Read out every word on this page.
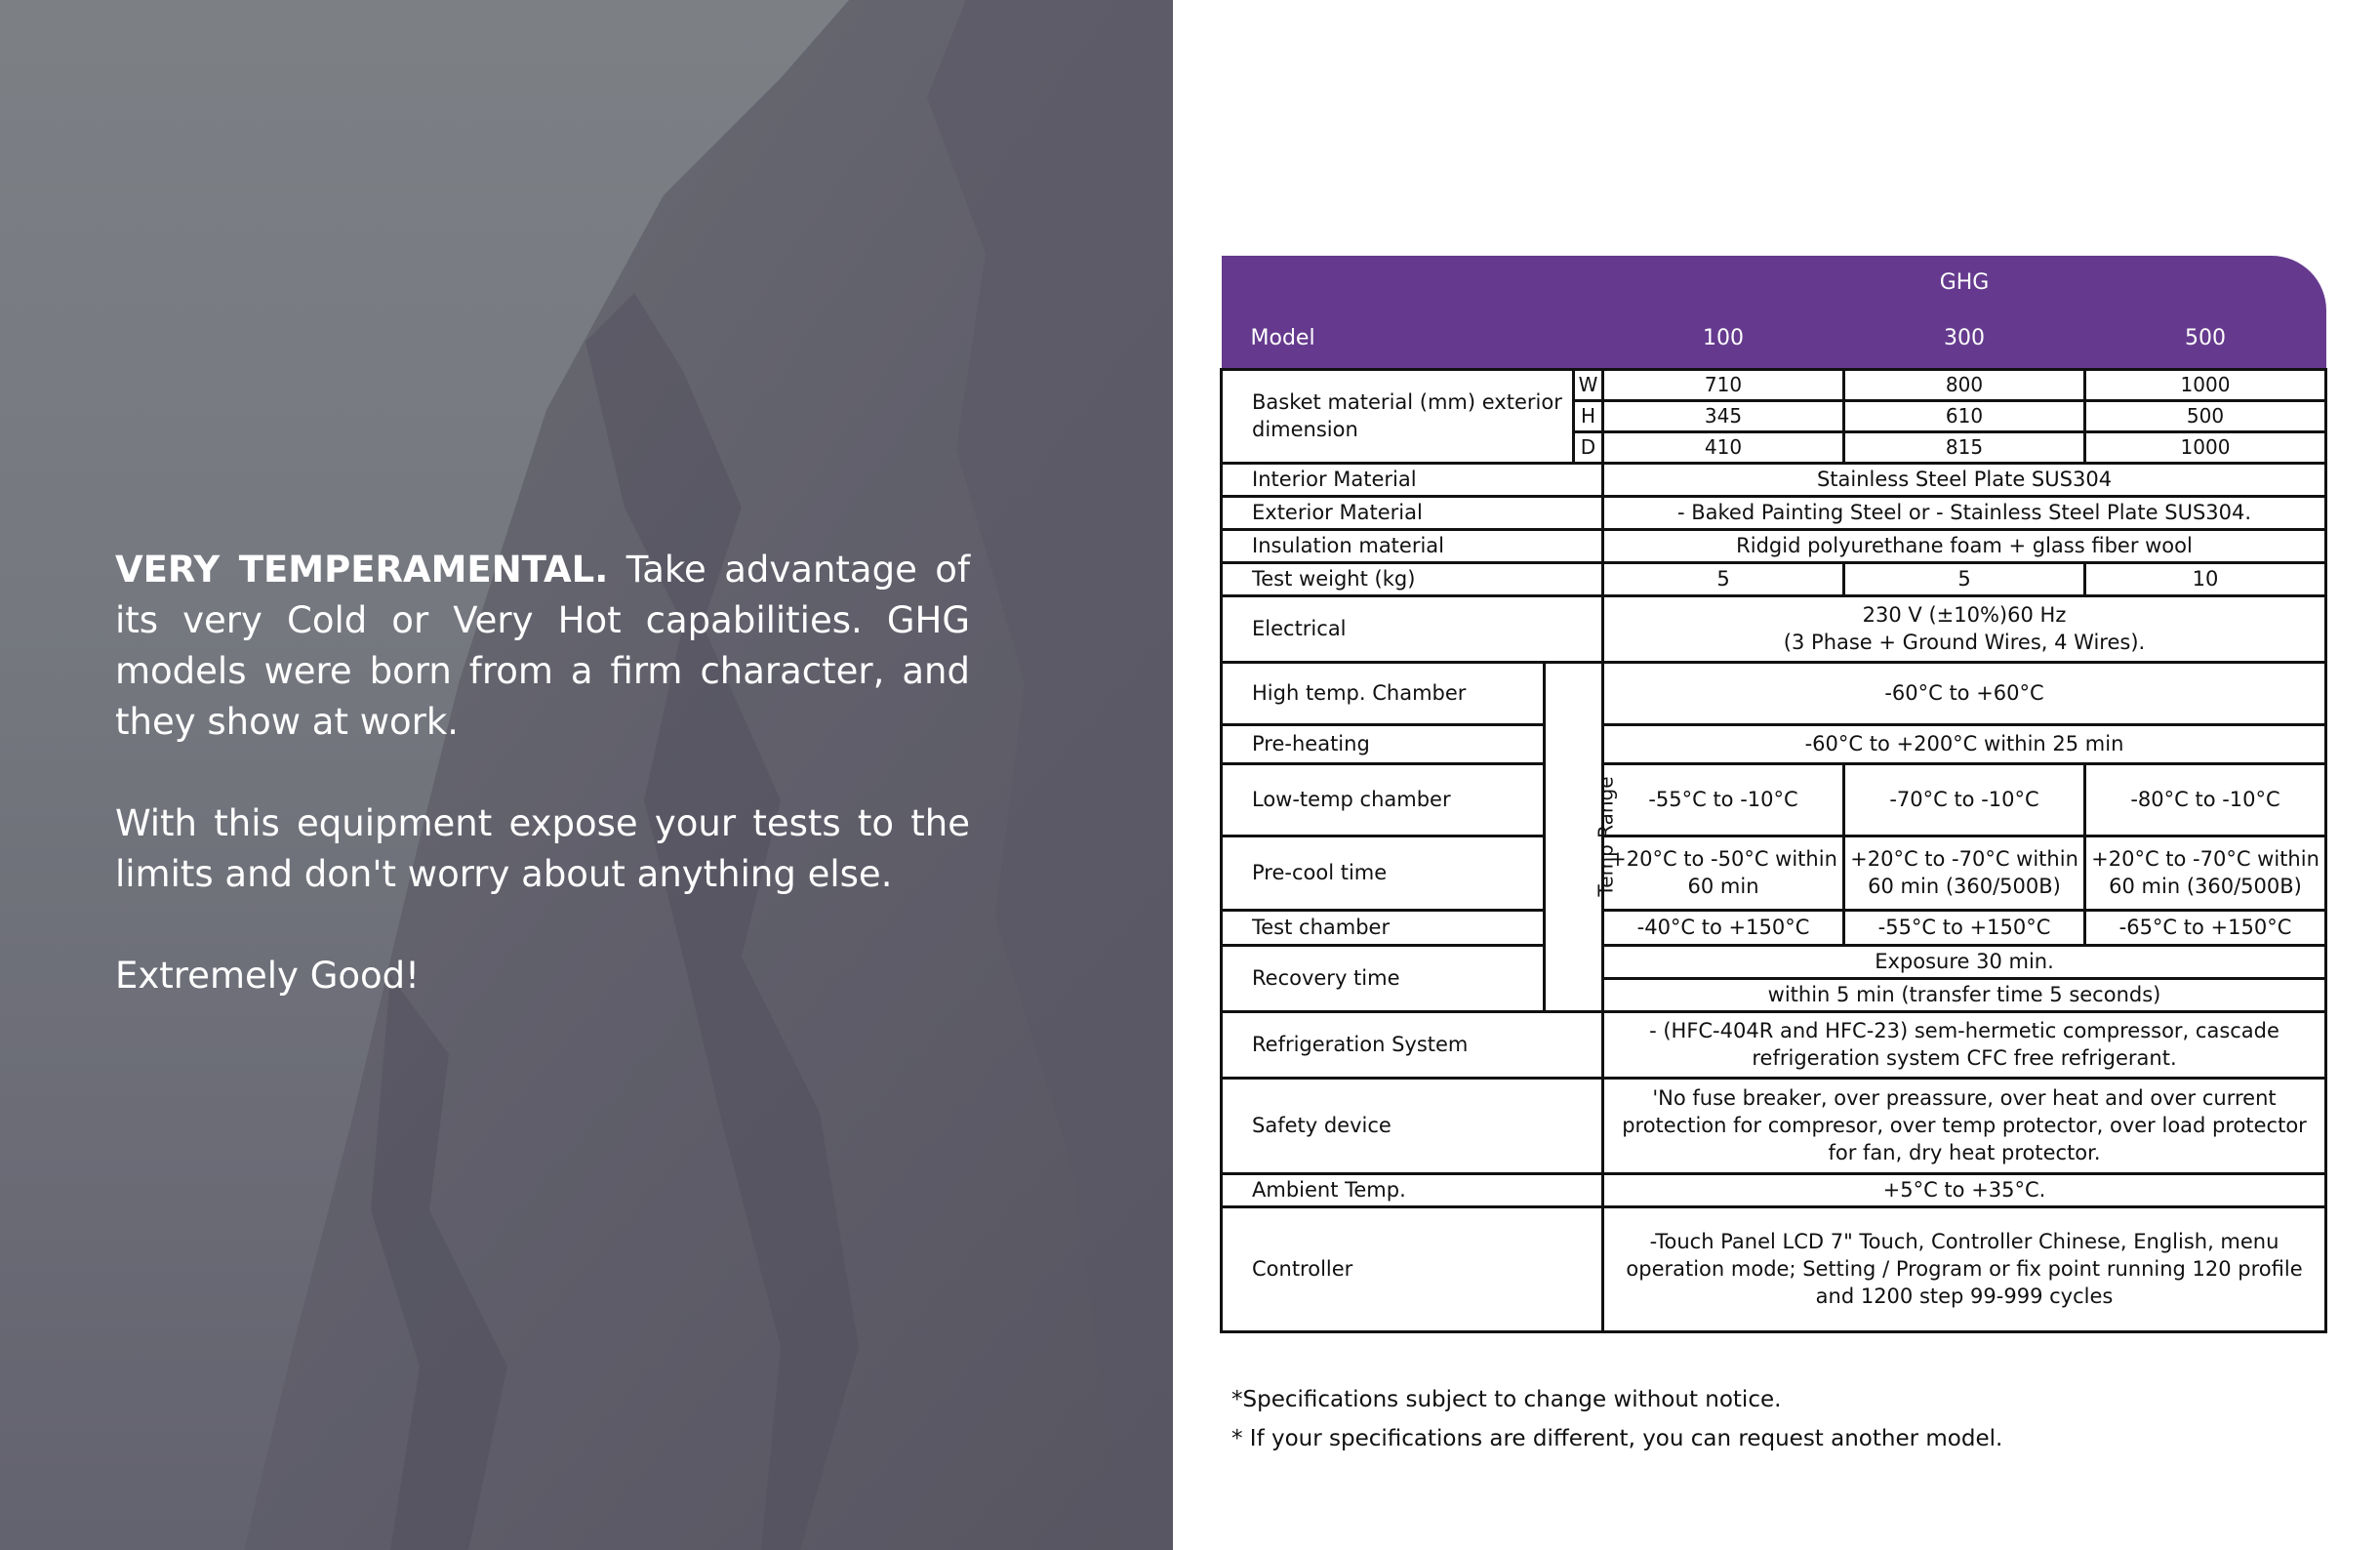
VERY TEMPERAMENTAL. Take advantage of its very Cold or Very Hot capabilities. GHG models were born from a firm character, and they show at work.

With this equipment expose your tests to the limits and don't worry about anything else.

Extremely Good!

			GHG		
Model			100	300	500
Basket material (mm) exterior dimension		W	710	800	1000
		H	345	610	500
		D	410	815	1000
Interior Material			Stainless Steel Plate SUS304		
Exterior Material			- Baked Painting Steel or - Stainless Steel Plate SUS304.		
Insulation material			Ridgid polyurethane foam + glass fiber wool		
Test weight (kg)			5	5	10
Electrical			230 V (±10%)60 Hz
(3 Phase + Ground Wires, 4 Wires).		

High temp. Chamber	Temp Range		-60°C to +60°C		
Pre-heating			-60°C to +200°C within 25 min		
Low-temp chamber			-55°C to -10°C	-70°C to -10°C	-80°C to -10°C
Pre-cool time			+20°C to -50°C within 60 min	+20°C to -70°C within 60 min (360/500B)	+20°C to -70°C within 60 min (360/500B)
Test chamber			-40°C to +150°C	-55°C to +150°C	-65°C to +150°C
Recovery time			Exposure 30 min.		
			within 5 min (transfer time 5 seconds)		
Refrigeration System			- (HFC-404R and HFC-23) sem-hermetic compressor, cascade refrigeration system CFC free refrigerant.		
Safety device			'No fuse breaker, over preassure, over heat and over current protection for compresor, over temp protector, over load protector for fan, dry heat protector.		
Ambient Temp.			+5°C to +35°C.		
Controller			-Touch Panel LCD 7" Touch, Controller Chinese, English, menu operation mode; Setting / Program or fix point running 120 profile and 1200 step 99-999 cycles		

*Specifications subject to change without notice.

* If your specifications are different, you can request another model.
